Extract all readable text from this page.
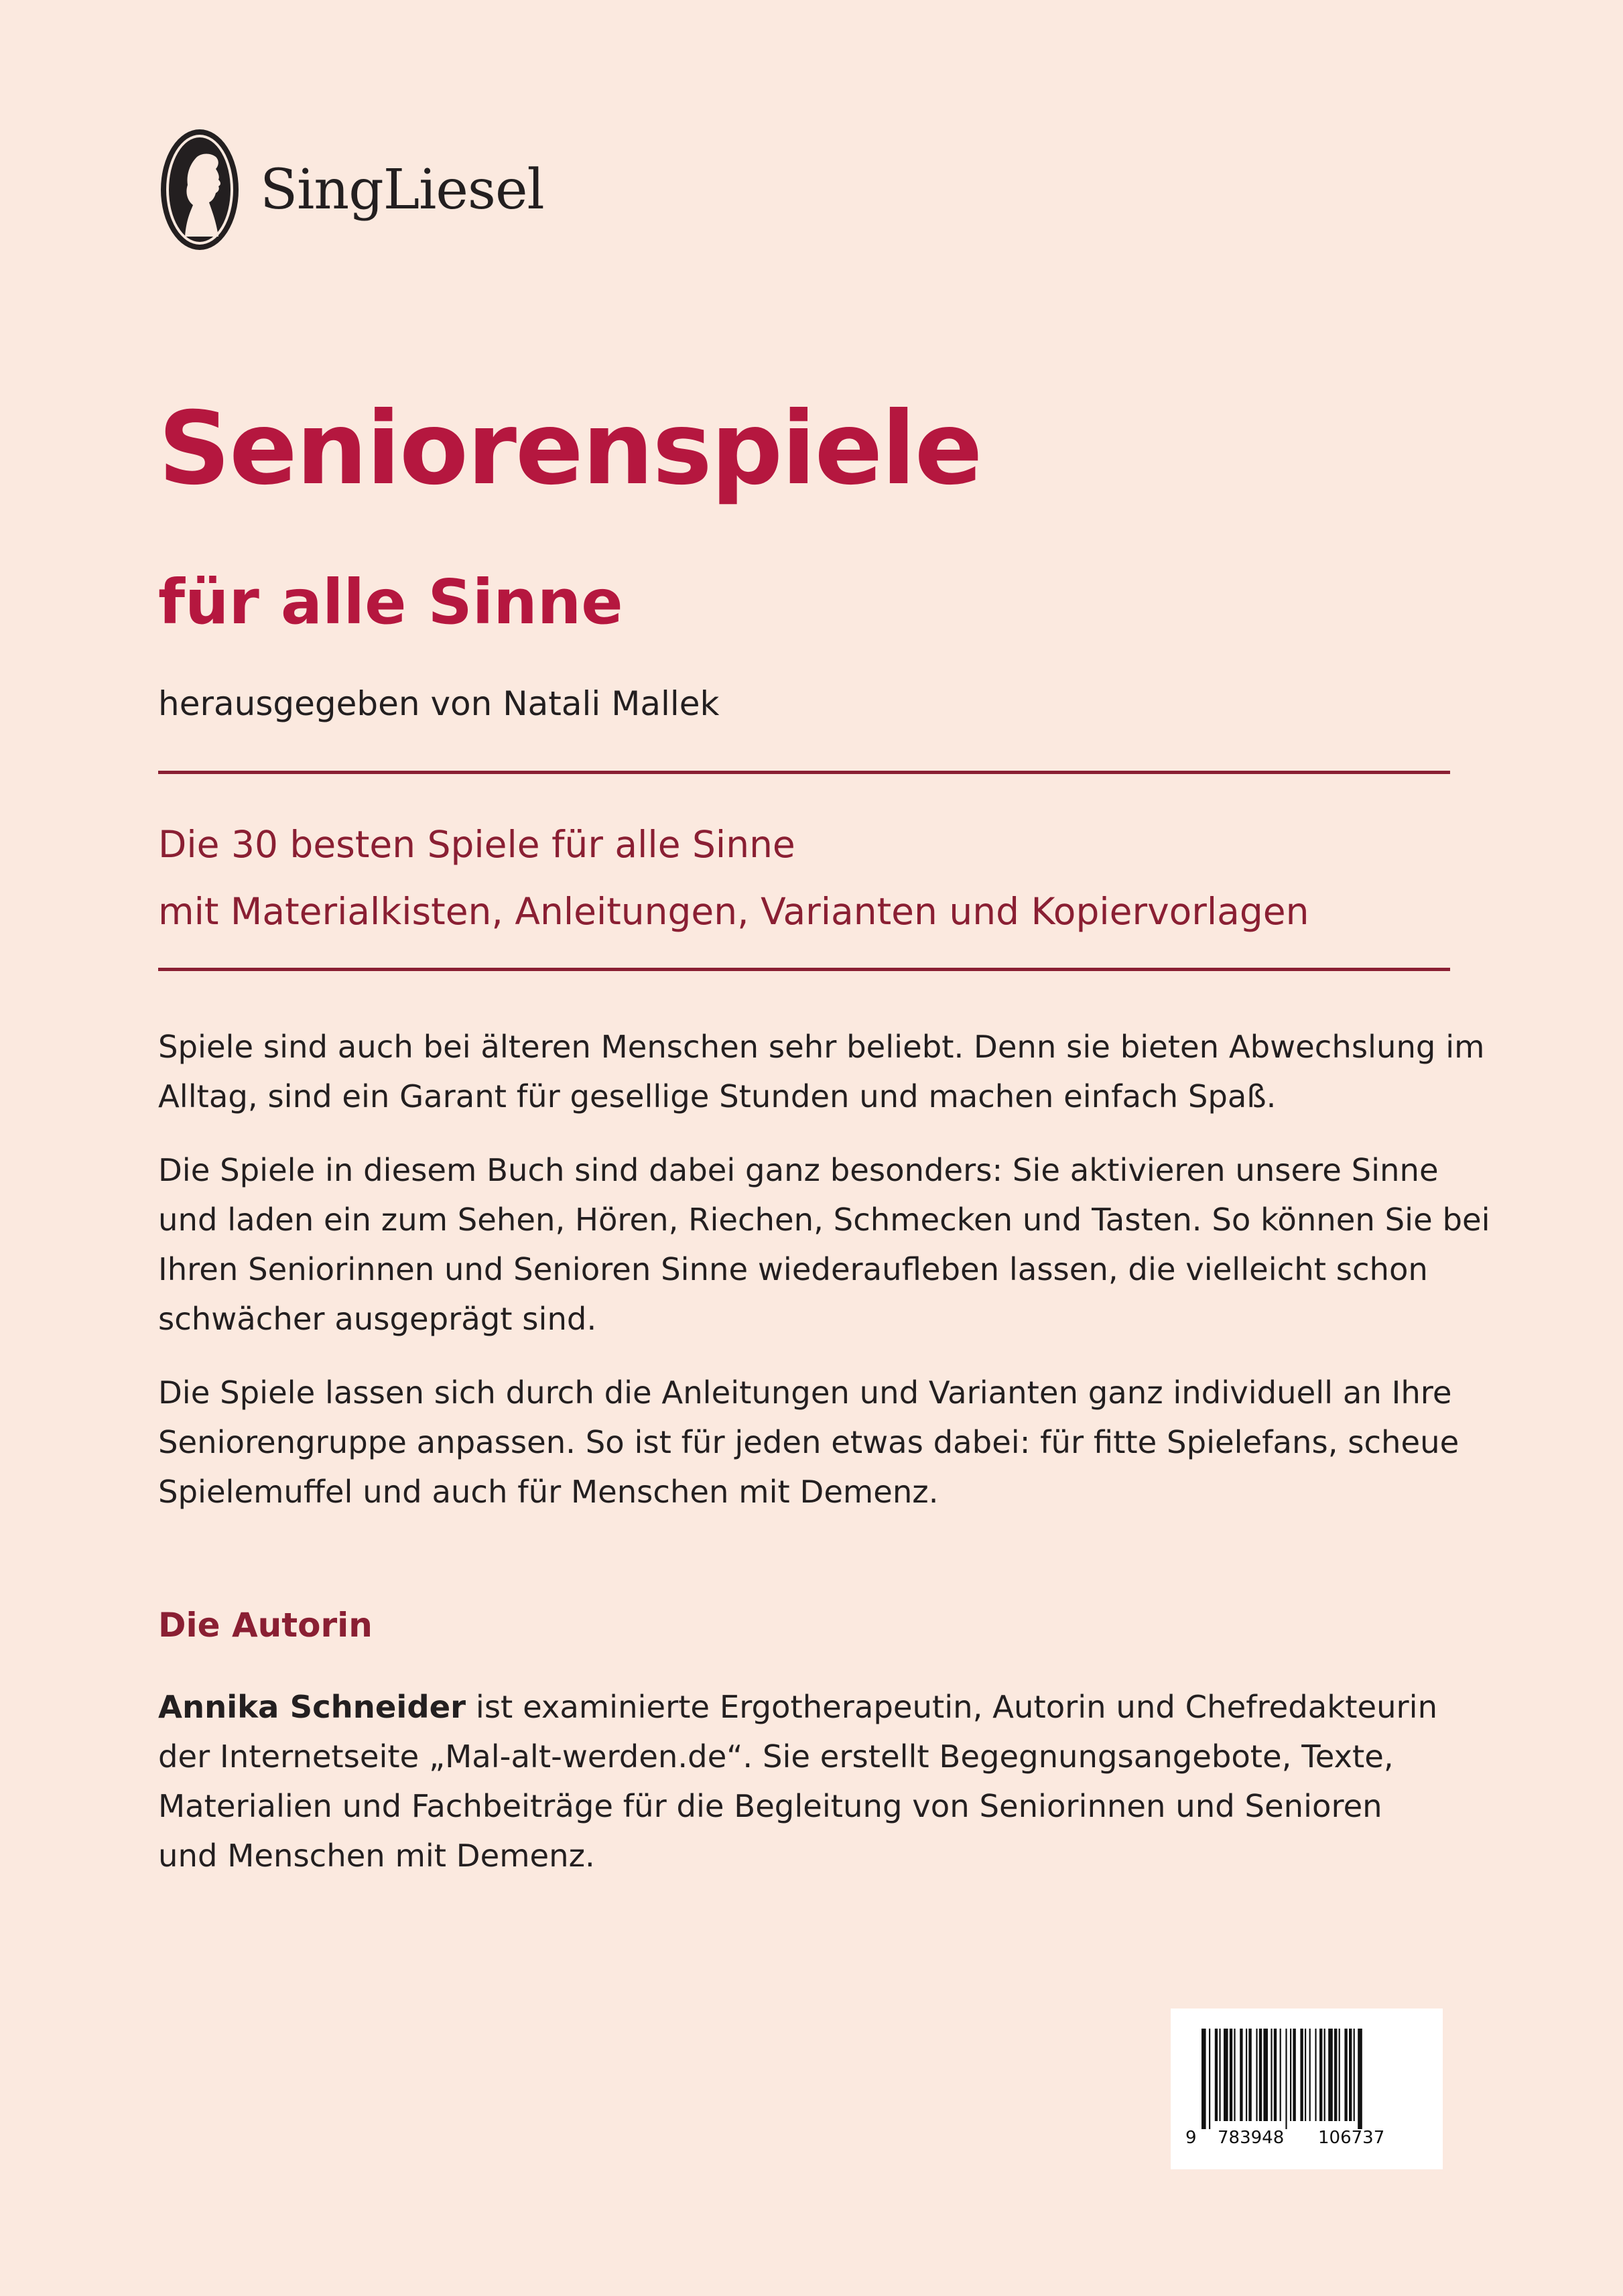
SingLiesel
Seniorenspiele
für alle Sinne
herausgegeben von Natali Mallek
Die 30 besten Spiele für alle Sinne
mit Materialkisten, Anleitungen, Varianten und Kopiervorlagen

Spiele sind auch bei älteren Menschen sehr beliebt. Denn sie bieten Abwechslung im
Alltag, sind ein Garant für gesellige Stunden und machen einfach Spaß.

Die Spiele in diesem Buch sind dabei ganz besonders: Sie aktivieren unsere Sinne
und laden ein zum Sehen, Hören, Riechen, Schmecken und Tasten. So können Sie bei
Ihren Seniorinnen und Senioren Sinne wiederaufleben lassen, die vielleicht schon
schwächer ausgeprägt sind.

Die Spiele lassen sich durch die Anleitungen und Varianten ganz individuell an Ihre
Seniorengruppe anpassen. So ist für jeden etwas dabei: für fitte Spielefans, scheue
Spielemuffel und auch für Menschen mit Demenz.

Die Autorin
Annika Schneider ist examinierte Ergotherapeutin, Autorin und Chefredakteurin
der Internetseite „Mal-alt-werden.de“. Sie erstellt Begegnungsangebote, Texte,
Materialien und Fachbeiträge für die Begleitung von Seniorinnen und Senioren
und Menschen mit Demenz.
9 783948 106737
